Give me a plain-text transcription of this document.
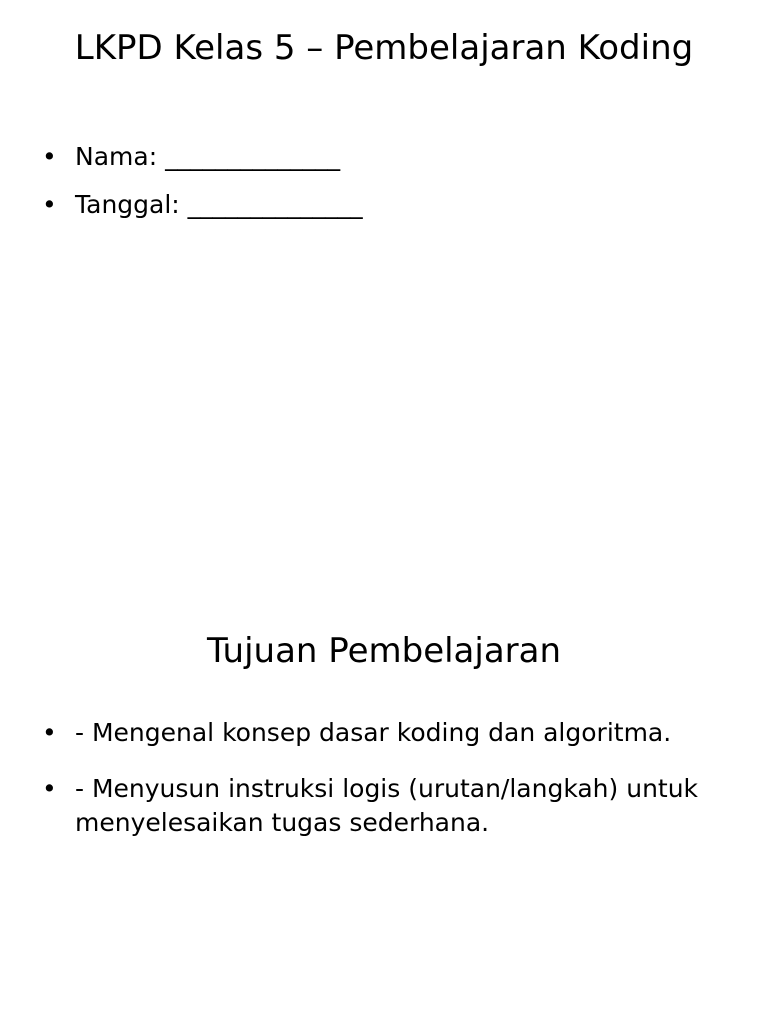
LKPD Kelas 5 – Pembelajaran Koding
• Nama: ______________
• Tanggal: ______________
Tujuan Pembelajaran
• - Mengenal konsep dasar koding dan algoritma.
• - Menyusun instruksi logis (urutan/langkah) untuk menyelesaikan tugas sederhana.
